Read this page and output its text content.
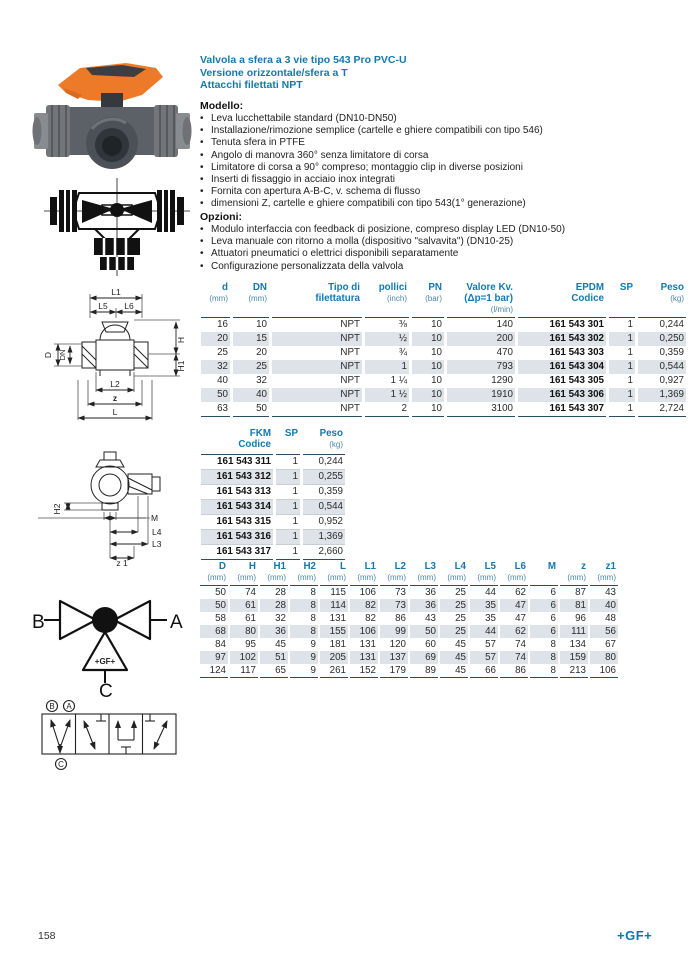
L1
L5 L6
H
H1
D DN
L2
z
L
H2
M
L4
L3
z 1
+GF+
B	A
C
B A
C
Valvola a sfera a 3 vie tipo 543 Pro PVC-U
Versione orizzontale/sfera a T
Attacchi filettati NPT
Modello:
• Leva lucchettabile standard (DN10-DN50)
• Installazione/rimozione semplice (cartelle e ghiere compatibili con tipo 546)
• Tenuta sfera in PTFE
• Angolo di manovra 360° senza limitatore di corsa
• Limitatore di corsa a 90° compreso; montaggio clip in diverse posizioni
• Inserti di fissaggio in acciaio inox integrati
• Fornita con apertura A-B-C, v. schema di flusso
• dimensioni Z, cartelle e ghiere compatibili con tipo 543(1° generazione)
Opzioni:
• Modulo interfaccia con feedback di posizione, compreso display LED (DN10-50)
• Leva manuale con ritorno a molla (dispositivo "salvavita") (DN10-25)
• Attuatori pneumatici o elettrici disponibili separatamente
• Configurazione personalizzata della valvola
d
(mm)

DN
(mm)

Tipo di
filettatura

pollici
(inch)

PN
(bar)

Valore Kv.
(Δp=1 bar)
(l/min)

EPDM
Codice

SP	Peso
(kg)

16	10	NPT	⅜	10	140	161 543 301	1	0,244
20	15	NPT	½	10	200	161 543 302	1	0,250
25	20	NPT	¾	10	470	161 543 303	1	0,359
32	25	NPT	1	10	793	161 543 304	1	0,544
40	32	NPT	1 ¼	10	1290	161 543 305	1	0,927
50	40	NPT	1 ½	10	1910	161 543 306	1	1,369
63	50	NPT	2	10	3100	161 543 307	1	2,724
FKM
Codice

SP	Peso
(kg)

161 543 311	1	0,244
161 543 312	1	0,255
161 543 313	1	0,359
161 543 314	1	0,544
161 543 315	1	0,952
161 543 316	1	1,369
161 543 317	1	2,660
D
(mm)

H
(mm)

H1
(mm)

H2
(mm)

L
(mm)

L1
(mm)

L2
(mm)

L3
(mm)

L4
(mm)

L5
(mm)

L6
(mm)

M	z
(mm)

z1
(mm)

50	74	28	8	115	106	73	36	25	44	62	6	87	43
50	61	28	8	114	82	73	36	25	35	47	6	81	40
58	61	32	8	131	82	86	43	25	35	47	6	96	48
68	80	36	8	155	106	99	50	25	44	62	6	111	56
84	95	45	9	181	131	120	60	45	57	74	8	134	67
97	102	51	9	205	131	137	69	45	57	74	8	159	80
124	117	65	9	261	152	179	89	45	66	86	8	213	106
158	+GF+
